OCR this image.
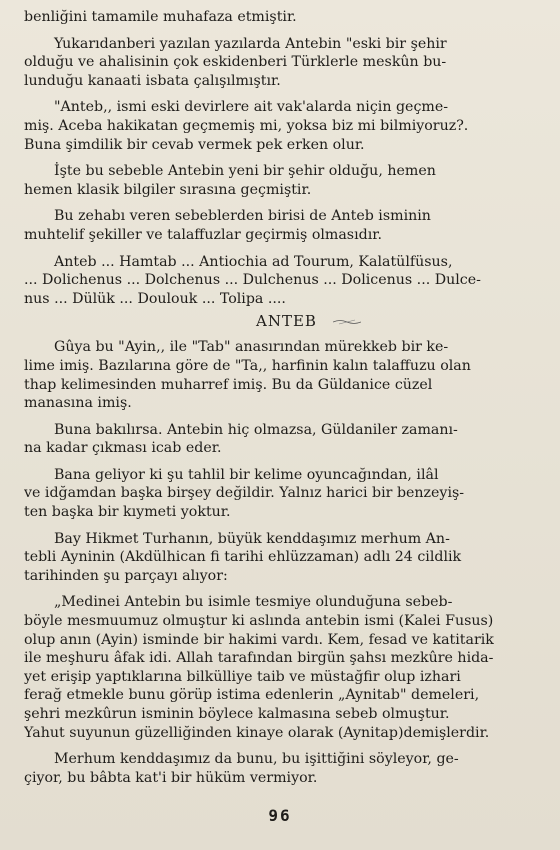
benliğini tamamile muhafaza etmiştir.

Yukarıdanberi yazılan yazılarda Antebin "eski bir şehir
olduğu ve ahalisinin çok eskidenberi Türklerle meskûn bu-
lunduğu kanaati isbata çalışılmıştır.

"Anteb,, ismi eski devirlere ait vak'alarda niçin geçme-
miş. Aceba hakikatan geçmemiş mi, yoksa biz mi bilmiyoruz?.
Buna şimdilik bir cevab vermek pek erken olur.

İşte bu sebeble Antebin yeni bir şehir olduğu, hemen
hemen klasik bilgiler sırasına geçmiştir.

Bu zehabı veren sebeblerden birisi de Anteb isminin
muhtelif şekiller ve talaffuzlar geçirmiş olmasıdır.

Anteb ... Hamtab ... Antiochia ad Tourum, Kalatülfüsus,
... Dolichenus ... Dolchenus ... Dulchenus ... Dolicenus ... Dulce-
nus ... Dülük ... Doulouk ... Tolipa ....

ANTEB

Gûya bu "Ayin,, ile "Tab" anasırından mürekkeb bir ke-
lime imiş. Bazılarına göre de "Ta,, harfinin kalın talaffuzu olan
thap kelimesinden muharref imiş. Bu da Güldanice cüzel
manasına imiş.

Buna bakılırsa. Antebin hiç olmazsa, Güldaniler zamanı-
na kadar çıkması icab eder.

Bana geliyor ki şu tahlil bir kelime oyuncağından, ilâl
ve idğamdan başka birşey değildir. Yalnız harici bir benzeyiş-
ten başka bir kıymeti yoktur.

Bay Hikmet Turhanın, büyük kenddaşımız merhum An-
tebli Ayninin (Akdülhican fi tarihi ehlüzzaman) adlı 24 cildlik
tarihinden şu parçayı alıyor:

„Medinei Antebin bu isimle tesmiye olunduğuna sebeb-
böyle mesmuumuz olmuştur ki aslında antebin ismi (Kalei Fusus)
olup anın (Ayin) isminde bir hakimi vardı. Kem, fesad ve katitarik
ile meşhuru âfak idi. Allah tarafından birgün şahsı mezkûre hida-
yet erişip yaptıklarına bilkülliye taib ve müstağfir olup izhari
ferağ etmekle bunu görüp istima edenlerin „Aynitab" demeleri,
şehri mezkûrun isminin böylece kalmasına sebeb olmuştur.
Yahut suyunun güzelliğinden kinaye olarak (Aynitap)demişlerdir.

Merhum kenddaşımız da bunu, bu işittiğini söyleyor, ge-
çiyor, bu bâbta kat'i bir hüküm vermiyor.

96
